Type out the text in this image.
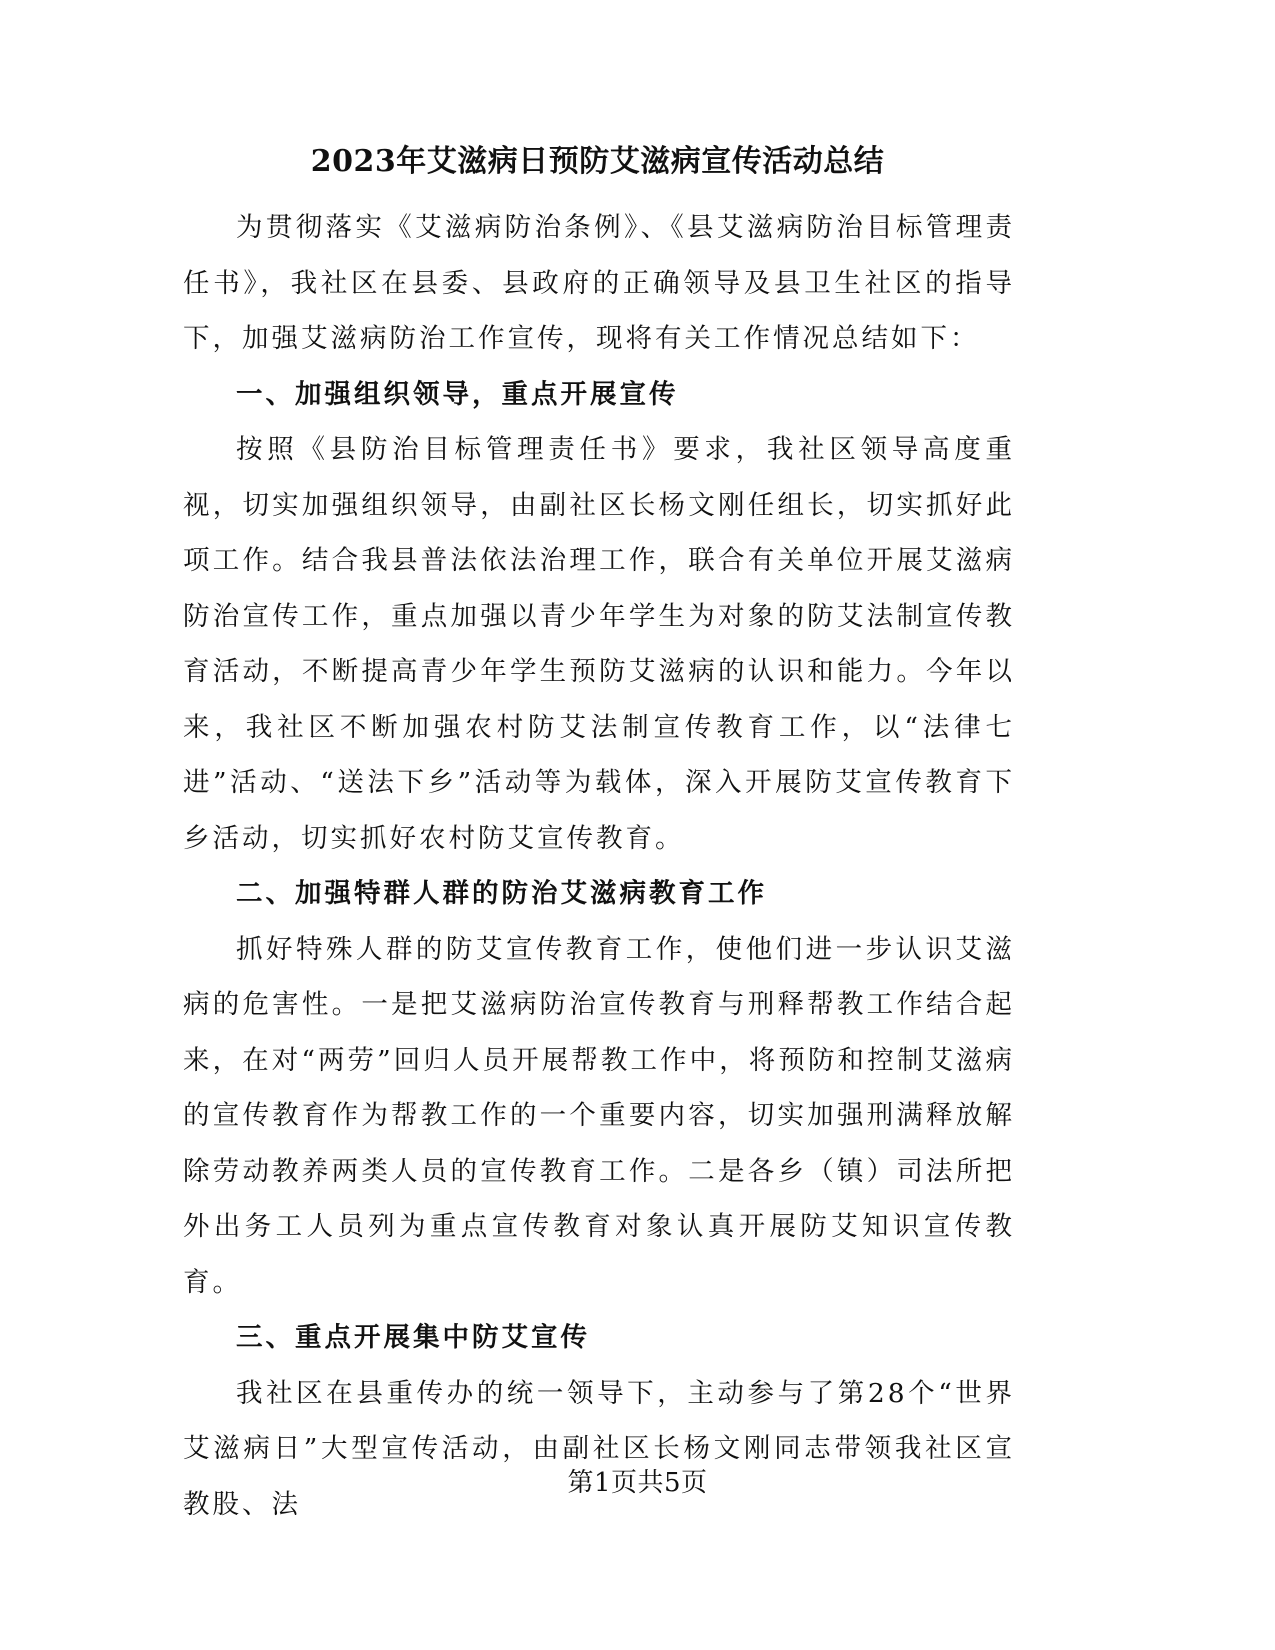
2023年艾滋病日预防艾滋病宣传活动总结

为贯彻落实《艾滋病防治条例》、《县艾滋病防治目标管理责任书》，我社区在县委、县政府的正确领导及县卫生社区的指导下，加强艾滋病防治工作宣传，现将有关工作情况总结如下：

一、加强组织领导，重点开展宣传

按照《县防治目标管理责任书》要求，我社区领导高度重视，切实加强组织领导，由副社区长杨文刚任组长，切实抓好此项工作。结合我县普法依法治理工作，联合有关单位开展艾滋病防治宣传工作，重点加强以青少年学生为对象的防艾法制宣传教育活动，不断提高青少年学生预防艾滋病的认识和能力。今年以来，我社区不断加强农村防艾法制宣传教育工作，以“法律七进”活动、“送法下乡”活动等为载体，深入开展防艾宣传教育下乡活动，切实抓好农村防艾宣传教育。

二、加强特群人群的防治艾滋病教育工作

抓好特殊人群的防艾宣传教育工作，使他们进一步认识艾滋病的危害性。一是把艾滋病防治宣传教育与刑释帮教工作结合起来，在对“两劳”回归人员开展帮教工作中，将预防和控制艾滋病的宣传教育作为帮教工作的一个重要内容，切实加强刑满释放解除劳动教养两类人员的宣传教育工作。二是各乡（镇）司法所把外出务工人员列为重点宣传教育对象认真开展防艾知识宣传教育。

三、重点开展集中防艾宣传

我社区在县重传办的统一领导下，主动参与了第28个“世界艾滋病日”大型宣传活动，由副社区长杨文刚同志带领我社区宣教股、法

第1页共5页
